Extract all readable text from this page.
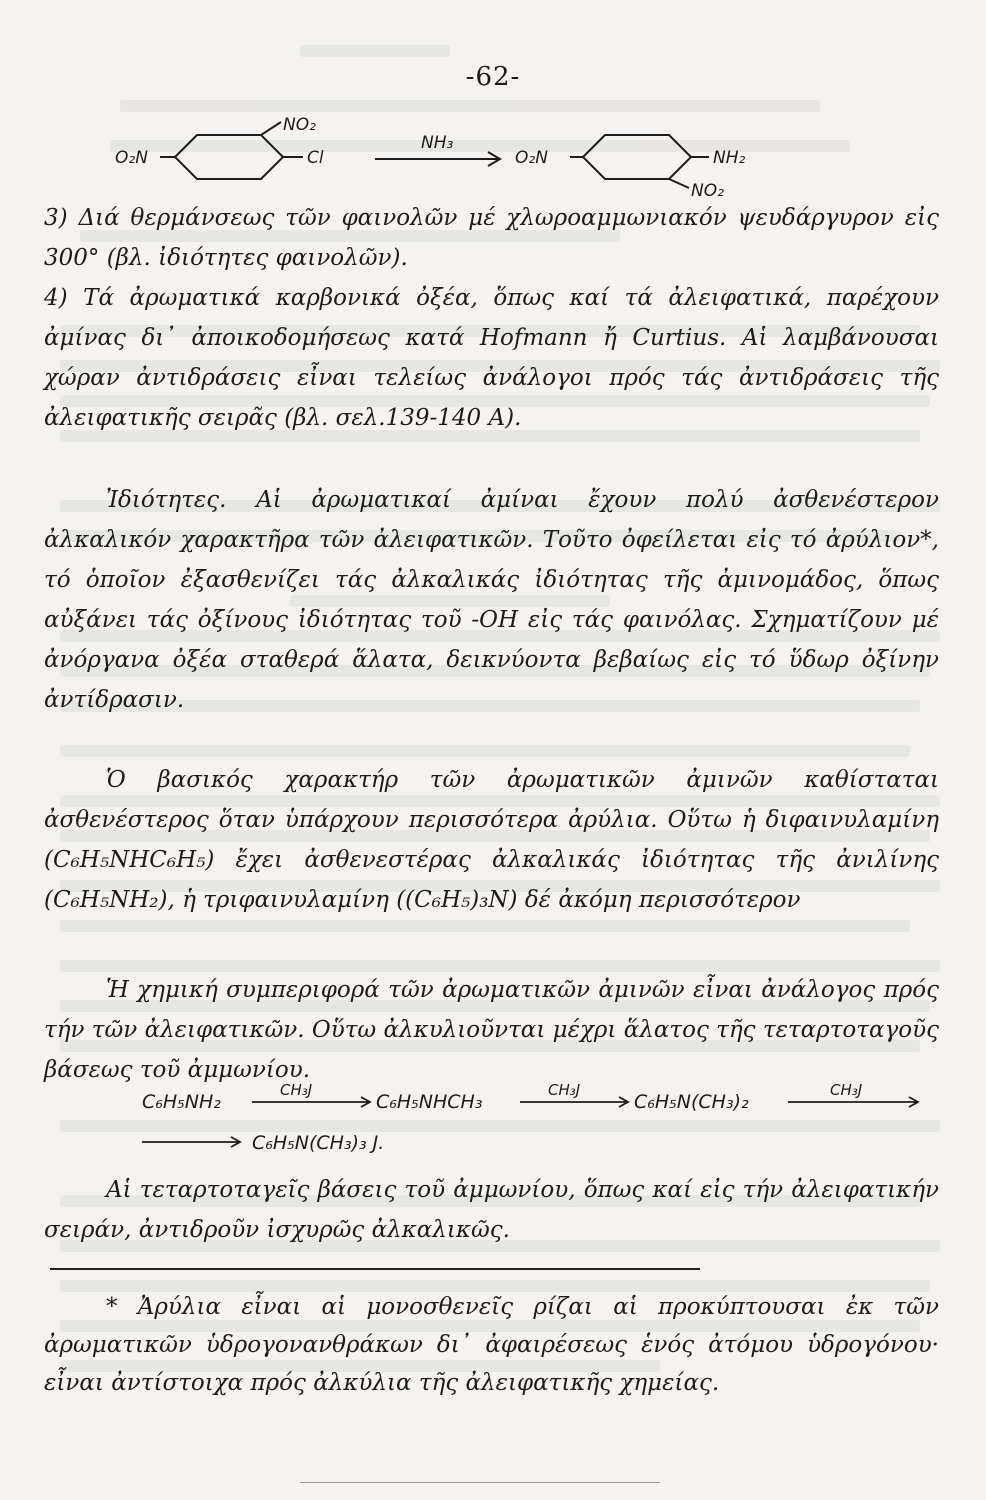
-62-
O₂N
NO₂
Cl
NH₃
O₂N	NH₂
NO₂

3) Διά θερμάνσεως τῶν φαινολῶν μέ χλωροαμμωνιακόν ψευδάργυρον εἰς 300° (βλ. ἰδιότητες φαινολῶν).

4) Τά ἀρωματικά καρβονικά ὀξέα, ὅπως καί τά ἀλειφατικά, παρέχουν ἀμίνας δι᾽ ἀποικοδομήσεως κατά Hofmann ἤ Curtius. Αἱ λαμβάνουσαι χώραν ἀντιδράσεις εἶναι τελείως ἀνάλογοι πρός τάς ἀντιδράσεις τῆς ἀλειφατικῆς σειρᾶς (βλ. σελ.139-140 Α).

Ἰδιότητες. Αἱ ἀρωματικαί ἀμίναι ἔχουν πολύ ἀσθενέστερον ἀλκαλικόν χαρακτῆρα τῶν ἀλειφατικῶν. Τοῦτο ὀφείλεται εἰς τό ἀρύλιον*, τό ὁποῖον ἐξασθενίζει τάς ἀλκαλικάς ἰδιότητας τῆς ἀμινομάδος, ὅπως αὐξάνει τάς ὀξίνους ἰδιότητας τοῦ -ΟΗ εἰς τάς φαινόλας. Σχηματίζουν μέ ἀνόργανα ὀξέα σταθερά ἅλατα, δεικνύοντα βεβαίως εἰς τό ὕδωρ ὀξίνην ἀντίδρασιν.

Ὁ βασικός χαρακτήρ τῶν ἀρωματικῶν ἀμινῶν καθίσταται ἀσθενέστερος ὅταν ὑπάρχουν περισσότερα ἀρύλια. Οὕτω ἡ διφαινυλαμίνη (C₆H₅NHC₆H₅) ἔχει ἀσθενεστέρας ἀλκαλικάς ἰδιότητας τῆς ἀνιλίνης (C₆H₅NH₂), ἡ τριφαινυλαμίνη ((C₆H₅)₃N) δέ ἀκόμη περισσότερον

Ἡ χημική συμπεριφορά τῶν ἀρωματικῶν ἀμινῶν εἶναι ἀνάλογος πρός τήν τῶν ἀλειφατικῶν. Οὕτω ἀλκυλιοῦνται μέχρι ἅλατος τῆς τεταρτοταγοῦς βάσεως τοῦ ἀμμωνίου.

C₆H₅NH₂
CH₃J
C₆H₅NHCH₃
CH₃J
C₆H₅N(CH₃)₂
CH₃J
C₆H₅N(CH₃)₃ J.

Αἱ τεταρτοταγεῖς βάσεις τοῦ ἀμμωνίου, ὅπως καί εἰς τήν ἀλειφατικήν σειράν, ἀντιδροῦν ἰσχυρῶς ἀλκαλικῶς.

* Ἀρύλια εἶναι αἱ μονοσθενεῖς ρίζαι αἱ προκύπτουσαι ἐκ τῶν ἀρωματικῶν ὑδρογονανθράκων δι᾽ ἀφαιρέσεως ἑνός ἀτόμου ὑδρογόνου· εἶναι ἀντίστοιχα πρός ἀλκύλια τῆς ἀλειφατικῆς χημείας.
